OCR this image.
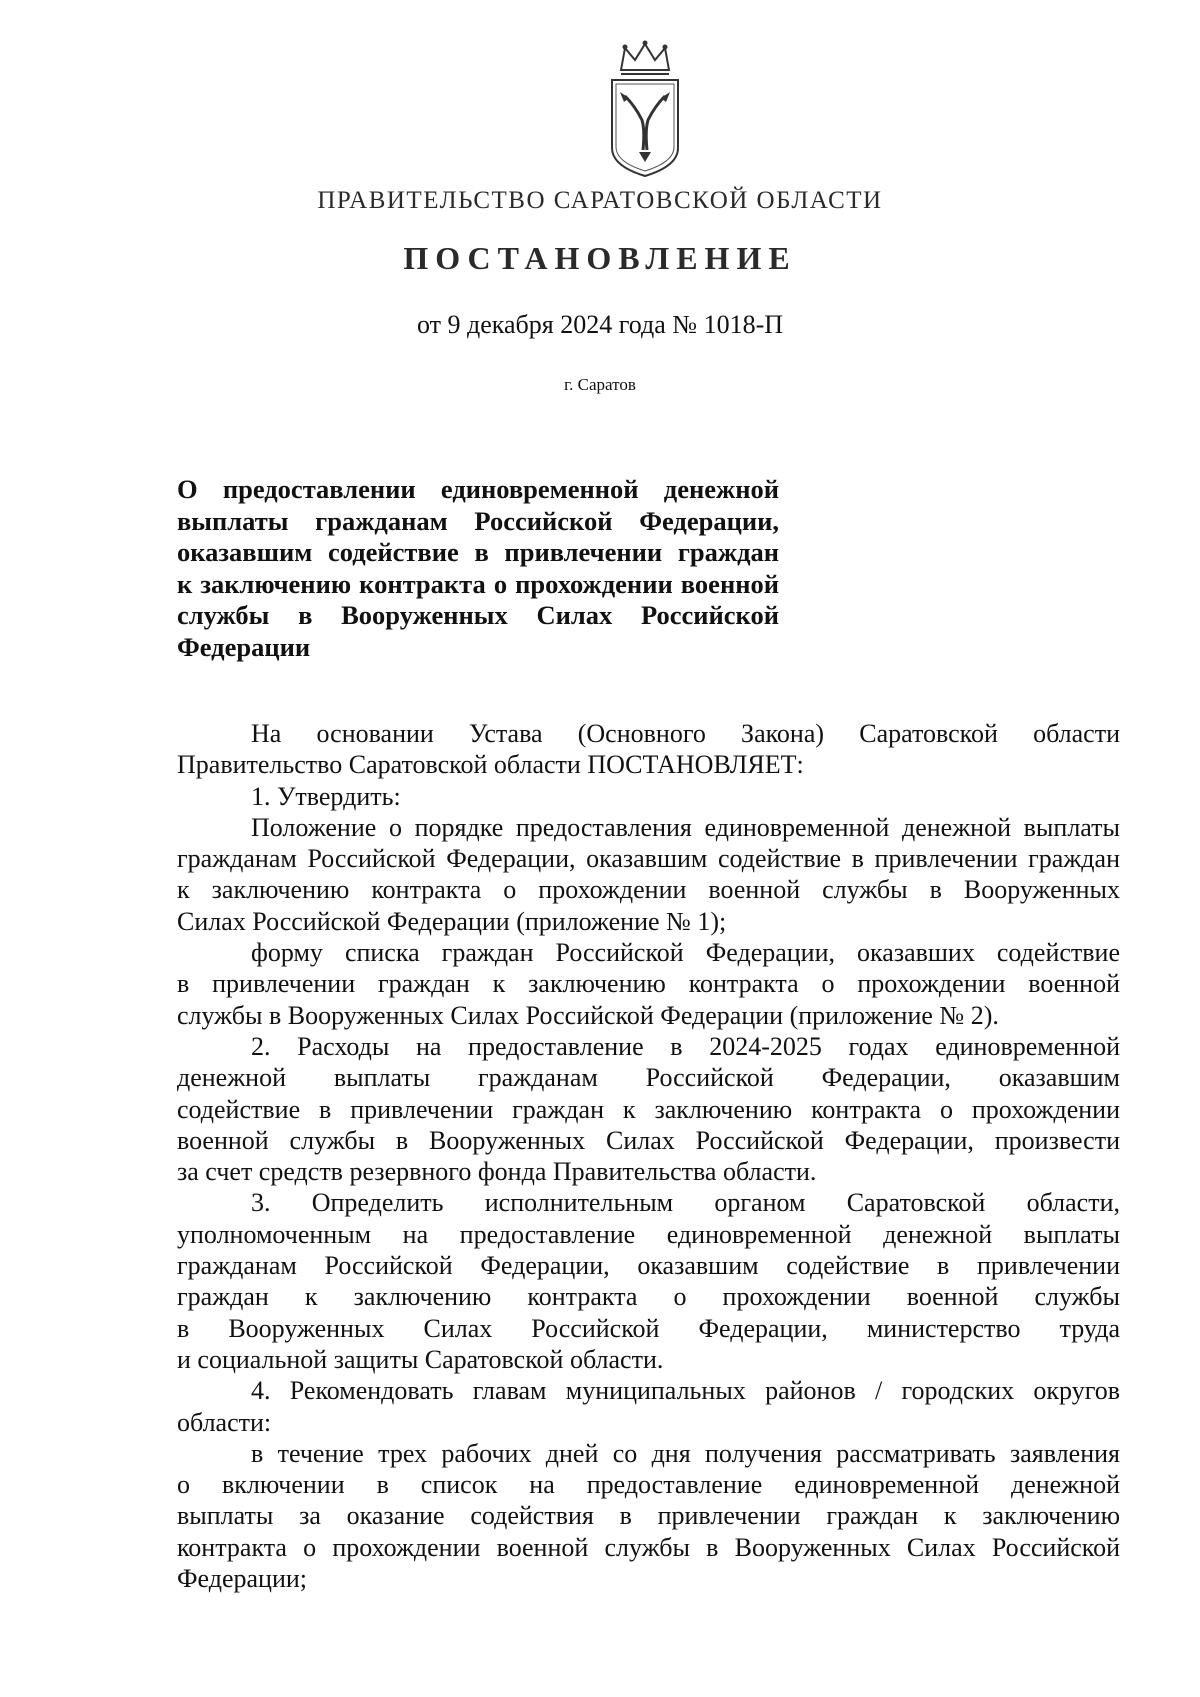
ПРАВИТЕЛЬСТВО САРАТОВСКОЙ ОБЛАСТИ
ПОСТАНОВЛЕНИЕ
от 9 декабря 2024 года № 1018-П
г. Саратов
О предоставлении единовременной денежной
выплаты гражданам Российской Федерации,
оказавшим содействие в привлечении граждан
к заключению контракта о прохождении военной
службы в Вооруженных Силах Российской
Федерации
На основании Устава (Основного Закона) Саратовской области
Правительство Саратовской области ПОСТАНОВЛЯЕТ:
1. Утвердить:
Положение о порядке предоставления единовременной денежной выплаты
гражданам Российской Федерации, оказавшим содействие в привлечении граждан
к заключению контракта о прохождении военной службы в Вооруженных
Силах Российской Федерации (приложение № 1);
форму списка граждан Российской Федерации, оказавших содействие
в привлечении граждан к заключению контракта о прохождении военной
службы в Вооруженных Силах Российской Федерации (приложение № 2).
2. Расходы на предоставление в 2024-2025 годах единовременной
денежной выплаты гражданам Российской Федерации, оказавшим
содействие в привлечении граждан к заключению контракта о прохождении
военной службы в Вооруженных Силах Российской Федерации, произвести
за счет средств резервного фонда Правительства области.
3. Определить исполнительным органом Саратовской области,
уполномоченным на предоставление единовременной денежной выплаты
гражданам Российской Федерации, оказавшим содействие в привлечении
граждан к заключению контракта о прохождении военной службы
в Вооруженных Силах Российской Федерации, министерство труда
и социальной защиты Саратовской области.
4. Рекомендовать главам муниципальных районов / городских округов
области:
в течение трех рабочих дней со дня получения рассматривать заявления
о включении в список на предоставление единовременной денежной
выплаты за оказание содействия в привлечении граждан к заключению
контракта о прохождении военной службы в Вооруженных Силах Российской
Федерации;
